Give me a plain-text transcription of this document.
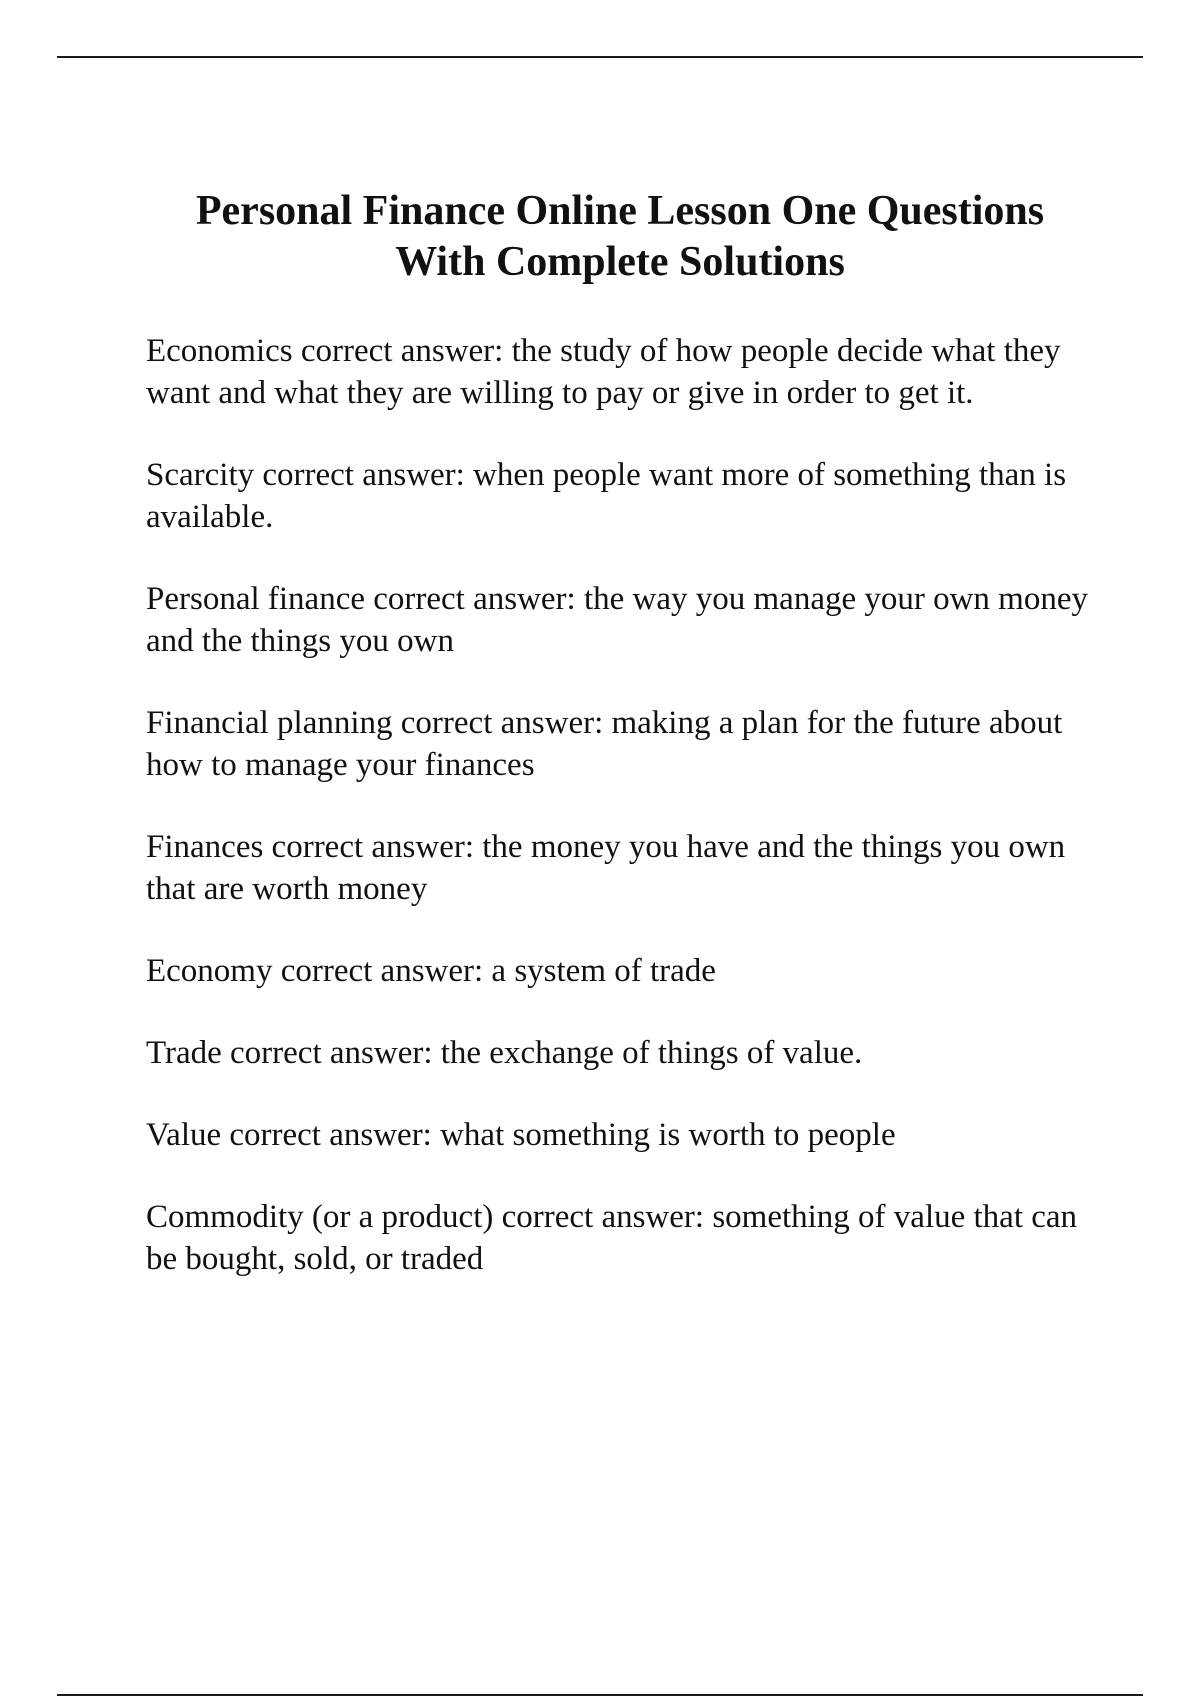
Personal Finance Online Lesson One Questions
With Complete Solutions
Economics correct answer: the study of how people decide what they want and what they are willing to pay or give in order to get it.
Scarcity correct answer: when people want more of something than is available.
Personal finance correct answer: the way you manage your own money and the things you own
Financial planning correct answer: making a plan for the future about how to manage your finances
Finances correct answer: the money you have and the things you own that are worth money
Economy correct answer: a system of trade
Trade correct answer: the exchange of things of value.
Value correct answer: what something is worth to people
Commodity (or a product) correct answer: something of value that can be bought, sold, or traded
